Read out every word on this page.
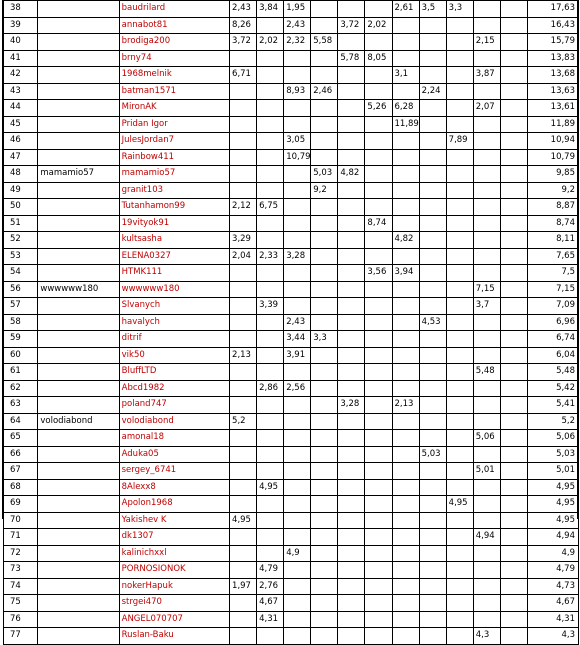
38		baudrilard	2,43	3,84	1,95				2,61	3,5	3,3			17,63
39		annabot81	8,26		2,43		3,72	2,02						16,43
40		brodiga200	3,72	2,02	2,32	5,58						2,15		15,79
41		brny74					5,78	8,05						13,83
42		1968melnik	6,71						3,1			3,87		13,68
43		batman1571			8,93	2,46				2,24				13,63
44		MironAK						5,26	6,28			2,07		13,61
45		Pridan Igor							11,89					11,89
46		JulesJordan7			3,05						7,89			10,94
47		Rainbow411			10,79									10,79
48	mamamio57	mamamio57				5,03	4,82							9,85
49		granit103				9,2								9,2
50		Tutanhamon99	2,12	6,75										8,87
51		19vityok91						8,74						8,74
52		kultsasha	3,29						4,82					8,11
53		ELENA0327	2,04	2,33	3,28									7,65
54		HTMK111						3,56	3,94					7,5
56	wwwwww180	wwwwww180										7,15		7,15
57		Slvanych		3,39								3,7		7,09
58		havalych			2,43					4,53				6,96
59		ditrif			3,44	3,3								6,74
60		vik50	2,13		3,91									6,04
61		BluffLTD										5,48		5,48
62		Abcd1982		2,86	2,56									5,42
63		poland747					3,28		2,13					5,41
64	volodiabond	volodiabond	5,2											5,2
65		amonal18										5,06		5,06
66		Aduka05								5,03				5,03
67		sergey_6741										5,01		5,01
68		8Alexx8		4,95										4,95
69		Apolon1968									4,95			4,95
70		Yakishev K	4,95											4,95
71		dk1307										4,94		4,94
72		kalinichxxl			4,9									4,9
73		PORNOSIONOK		4,79										4,79
74		nokerHapuk	1,97	2,76										4,73
75		strgei470		4,67										4,67
76		ANGEL070707		4,31										4,31
77		Ruslan-Baku										4,3		4,3
